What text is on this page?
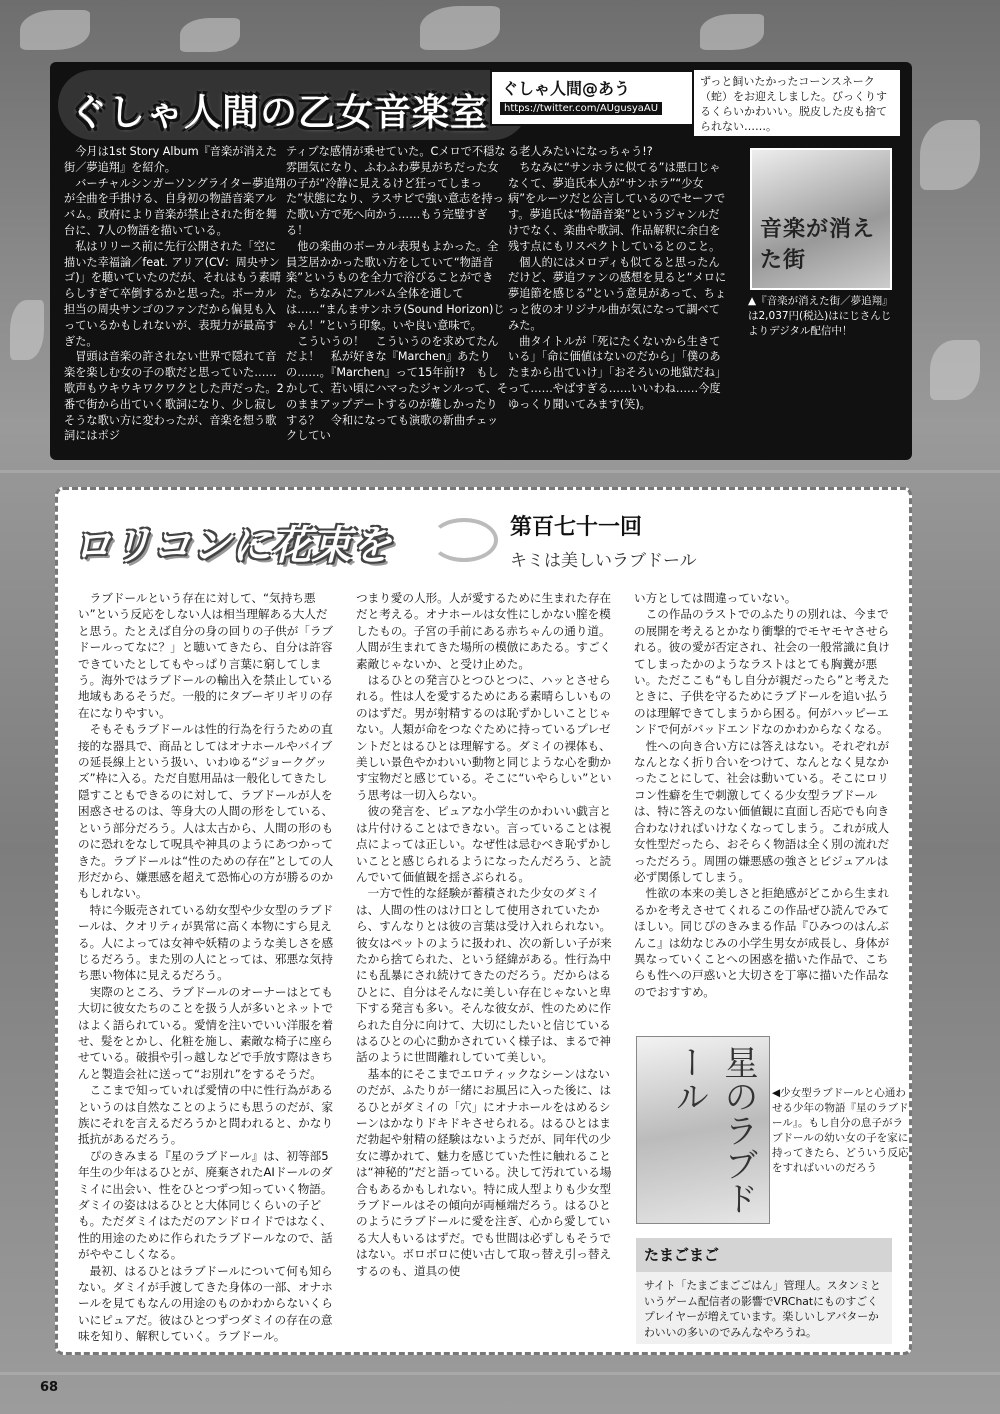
ぐしゃ人間の乙女音楽室
ぐしゃ人間@あう
https://twitter.com/AUgusyaAU
ずっと飼いたかったコーンスネーク（蛇）をお迎えしました。びっくりするくらいかわいい。脱皮した皮も捨てられない……。
　今月は1st Story Album『音楽が消えた街／夢追翔』を紹介。
　バーチャルシンガーソングライター夢追翔が全曲を手掛ける、自身初の物語音楽アルバム。政府により音楽が禁止された街を舞台に、7人の物語を描いている。
　私はリリース前に先行公開された「空に描いた幸福論／feat. アリア(CV：周央サンゴ)」を聴いていたのだが、それはもう素晴らしすぎて卒倒するかと思った。ボーカル担当の周央サンゴのファンだから偏見も入っているかもしれないが、表現力が最高すぎた。
　冒頭は音楽の許されない世界で隠れて音楽を楽しむ女の子の歌だと思っていた……歌声もウキウキワクワクとした声だった。2番で街から出ていく歌詞になり、少し寂しそうな歌い方に変わったが、音楽を想う歌詞にはポジ
ティブな感情が乗せていた。Cメロで不穏な雰囲気になり、ふわふわ夢見がちだった女の子が“冷静に見えるけど狂ってしまった”状態になり、ラスサビで強い意志を持った歌い方で死へ向かう……もう完璧すぎる！
　他の楽曲のボーカル表現もよかった。全員芝居かかった歌い方をしていて“物語音楽”というものを全力で浴びることができた。ちなみにアルバム全体を通しては……“まんまサンホラ(Sound Horizon)じゃん！”という印象。いや良い意味で。
　こういうの！　こういうのを求めてたんだよ！　私が好きな『Marchen』あたりの……。『Marchen』って15年前!?　もしかして、若い頃にハマったジャンルって、そのままアップデートするのが難しかったりする？　令和になっても演歌の新曲チェックしてい
る老人みたいになっちゃう!?
　ちなみに“サンホラに似てる”は悪口じゃなくて、夢追氏本人が“サンホラ”“少女病”をルーツだと公言しているのでセーフです。夢追氏は“物語音楽”というジャンルだけでなく、楽曲や歌詞、作品解釈に余白を残す点にもリスペクトしているとのこと。
　個人的にはメロディも似てると思ったんだけど、夢追ファンの感想を見ると“メロに夢追節を感じる”という意見があって、ちょっと彼のオリジナル曲が気になって調べてみた。
　曲タイトルが「死にたくないから生きている」「命に価値はないのだから」「僕のあたまから出ていけ」「おそろいの地獄だね」って……やばすぎる……いいわね……今度ゆっくり聞いてみます(笑)。
音楽が消えた街
▲『音楽が消えた街／夢追翔』は2,037円(税込)はにじさんじよりデジタル配信中！
ロリコンに花束を	第百七十一回
キミは美しいラブドール
　ラブドールという存在に対して、“気持ち悪い”という反応をしない人は相当理解ある大人だと思う。たとえば自分の身の回りの子供が「ラブドールってなに？」と聴いてきたら、自分は許容できていたとしてもやっぱり言葉に窮してしまう。海外ではラブドールの輸出入を禁止している地域もあるそうだ。一般的にタブーギリギリの存在になりやすい。
　そもそもラブドールは性的行為を行うための直接的な器具で、商品としてはオナホールやバイブの延長線上という扱い、いわゆる“ジョークグッズ”枠に入る。ただ自慰用品は一般化してきたし隠すこともできるのに対して、ラブドールが人を困惑させるのは、等身大の人間の形をしている、という部分だろう。人は太古から、人間の形のものに恐れをなして呪具や神具のようにあつかってきた。ラブドールは“性のための存在”としての人形だから、嫌悪感を超えて恐怖心の方が勝るのかもしれない。
　特に今販売されている幼女型や少女型のラブドールは、クオリティが異常に高く本物にすら見える。人によっては女神や妖精のような美しさを感じるだろう。また別の人にとっては、邪悪な気持ち悪い物体に見えるだろう。
　実際のところ、ラブドールのオーナーはとても大切に彼女たちのことを扱う人が多いとネットではよく語られている。愛情を注いでいい洋服を着せ、髪をとかし、化粧を施し、素敵な椅子に座らせている。破損や引っ越しなどで手放す際はきちんと製造会社に送って“お別れ”をするそうだ。
　ここまで知っていれば愛情の中に性行為があるというのは自然なことのようにも思うのだが、家族にそれを言えるだろうかと問われると、かなり抵抗があるだろう。
　ぴのきみまる『星のラブドール』は、初等部5年生の少年はるひとが、廃棄されたAIドールのダミイに出会い、性をひとつずつ知っていく物語。ダミイの姿ははるひとと大体同じくらいの子ども。ただダミイはただのアンドロイドではなく、性的用途のために作られたラブドールなので、話がややこしくなる。
　最初、はるひとはラブドールについて何も知らない。ダミイが手渡してきた身体の一部、オナホールを見てもなんの用途のものかわからないくらいにピュアだ。彼はひとつずつダミイの存在の意味を知り、解釈していく。ラブドール。
つまり愛の人形。人が愛するために生まれた存在だと考える。オナホールは女性にしかない膣を模したもの。子宮の手前にある赤ちゃんの通り道。人間が生まれてきた場所の模倣にあたる。すごく素敵じゃないか、と受け止めた。
　はるひとの発言ひとつひとつに、ハッとさせられる。性は人を愛するためにある素晴らしいもののはずだ。男が射精するのは恥ずかしいことじゃない。人類が命をつなぐために持っているプレゼントだとはるひとは理解する。ダミイの裸体も、美しい景色やかわいい動物と同じような心を動かす宝物だと感じている。そこに“いやらしい”という思考は一切入らない。
　彼の発言を、ピュアな小学生のかわいい戯言とは片付けることはできない。言っていることは視点によっては正しい。なぜ性は忌むべき恥ずかしいことと感じられるようになったんだろう、と読んでいて価値観を揺さぶられる。
　一方で性的な経験が蓄積された少女のダミイは、人間の性のはけ口として使用されていたから、すんなりとは彼の言葉は受け入れられない。彼女はペットのように扱われ、次の新しい子が来たから捨てられた、という経緯がある。性行為中にも乱暴にされ続けてきたのだろう。だからはるひとに、自分はそんなに美しい存在じゃないと卑下する発言も多い。そんな彼女が、性のために作られた自分に向けて、大切にしたいと信じているはるひとの心に動かされていく様子は、まるで神話のように世間離れしていて美しい。
　基本的にそこまでエロティックなシーンはないのだが、ふたりが一緒にお風呂に入った後に、はるひとがダミイの「穴」にオナホールをはめるシーンはかなりドキドキさせられる。はるひとはまだ勃起や射精の経験はないようだが、同年代の少女に導かれて、魅力を感じていた性に触れることは“神秘的”だと語っている。決して汚れている場合もあるかもしれない。特に成人型よりも少女型ラブドールはその傾向が両極端だろう。はるひとのようにラブドールに愛を注ぎ、心から愛している大人もいるはずだ。でも世間は必ずしもそうではない。ボロボロに使い古して取っ替え引っ替えするのも、道具の使
い方としては間違っていない。
　この作品のラストでのふたりの別れは、今までの展開を考えるとかなり衝撃的でモヤモヤさせられる。彼の愛が否定され、社会の一般常識に負けてしまったかのようなラストはとても胸糞が悪い。ただここも“もし自分が親だったら”と考えたときに、子供を守るためにラブドールを追い払うのは理解できてしまうから困る。何がハッピーエンドで何がバッドエンドなのかわからなくなる。
　性への向き合い方には答えはない。それぞれがなんとなく折り合いをつけて、なんとなく見なかったことにして、社会は動いている。そこにロリコン性癖を生で刺激してくる少女型ラブドールは、特に答えのない価値観に直面し否応でも向き合わなければいけなくなってしまう。これが成人女性型だったら、おそらく物語は全く別の流れだっただろう。周囲の嫌悪感の強さとビジュアルは必ず関係してしまう。
　性欲の本来の美しさと拒絶感がどこから生まれるかを考えさせてくれるこの作品ぜひ読んでみてほしい。同じぴのきみまる作品『ひみつのはんぶんこ』は幼なじみの小学生男女が成長し、身体が異なっていくことへの困惑を描いた作品で、こちらも性への戸惑いと大切さを丁寧に描いた作品なのでおすすめ。
星のラブドール	◀少女型ラブドールと心通わせる少年の物語『星のラブドール』。もし自分の息子がラブドールの幼い女の子を家に持ってきたら、どういう反応をすればいいのだろう
たまごまご
サイト「たまごまごごはん」管理人。スタンミというゲーム配信者の影響でVRChatにものすごくプレイヤーが増えています。楽しいしアバターかわいいの多いのでみんなやろうね。
68
